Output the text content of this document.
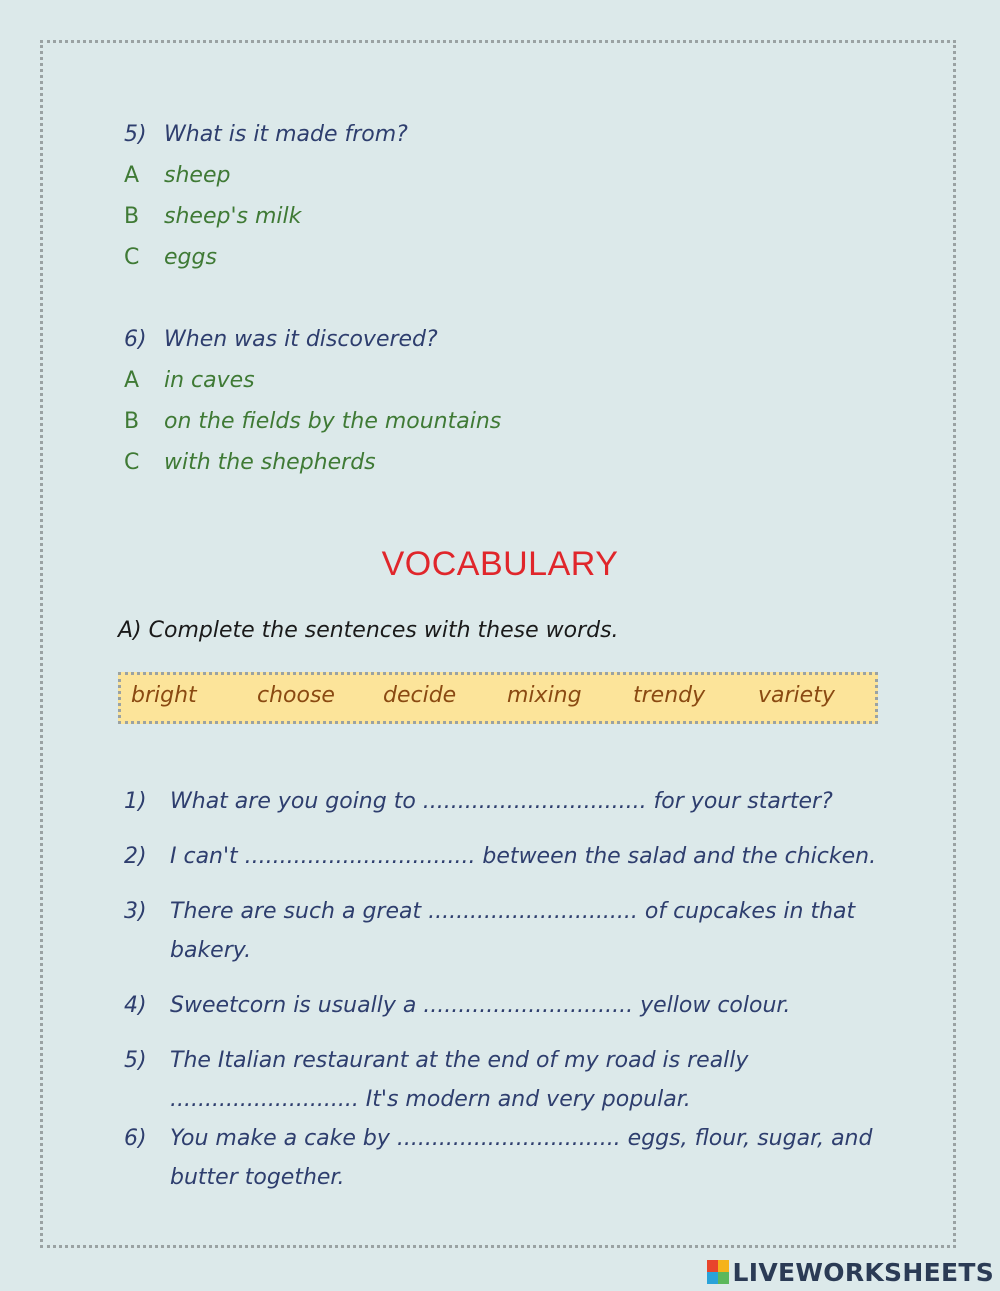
5) What is it made from?
A sheep
B sheep's milk
C eggs
6) When was it discovered?
A in caves
B on the fields by the mountains
C with the shepherds
VOCABULARY
A) Complete the sentences with these words.
bright	choose decide mixing trendy variety
1) What are you going to ................................ for your starter?
2) I can't ................................. between the salad and the chicken.
3) There are such a great .............................. of cupcakes in that bakery.
4) Sweetcorn is usually a .............................. yellow colour.
5) The Italian restaurant at the end of my road is really ........................... It's modern and very popular.
6) You make a cake by ................................ eggs, flour, sugar, and butter together.
LIVEWORKSHEETS
